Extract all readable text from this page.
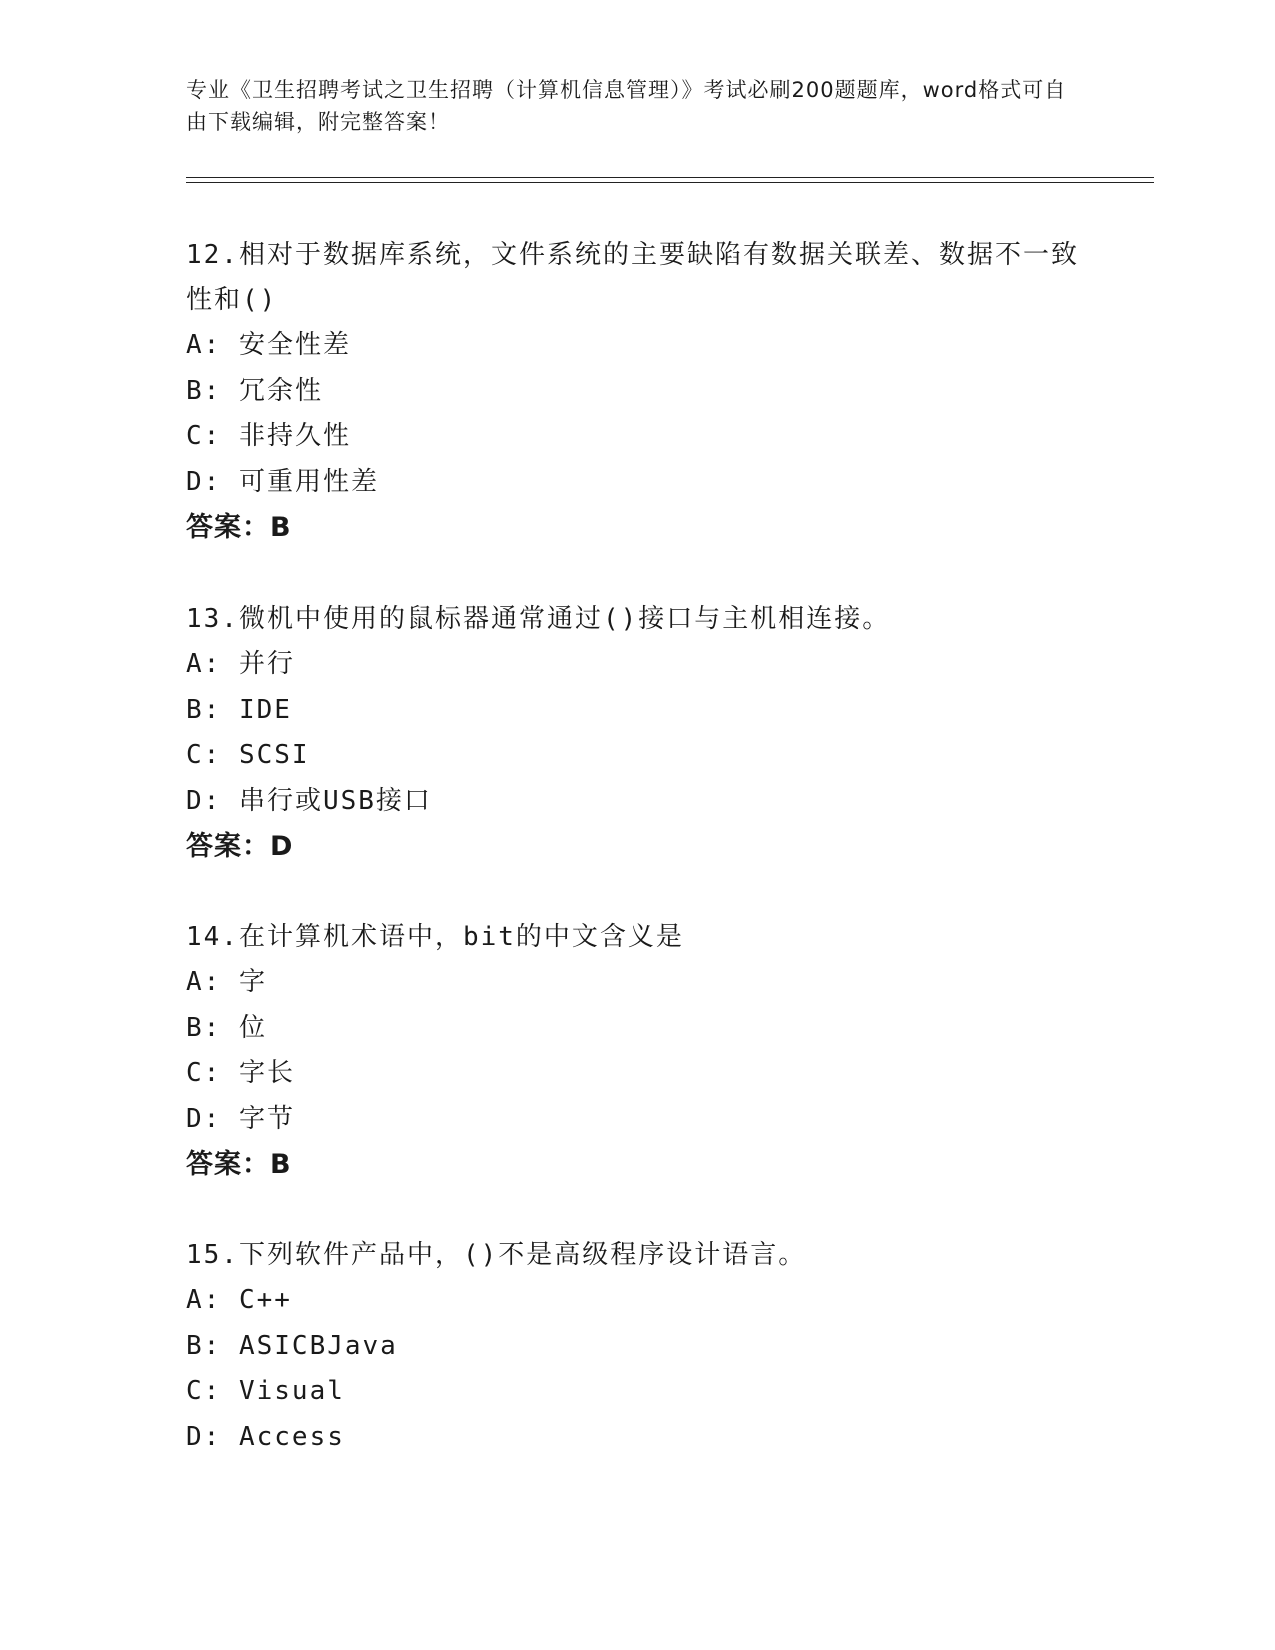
专业《卫生招聘考试之卫生招聘（计算机信息管理）》考试必刷200题题库，word格式可自由下载编辑，附完整答案！
12.相对于数据库系统，文件系统的主要缺陷有数据关联差、数据不一致性和()
A: 安全性差
B: 冗余性
C: 非持久性
D: 可重用性差
答案：B
13.微机中使用的鼠标器通常通过()接口与主机相连接。
A: 并行
B: IDE
C: SCSI
D: 串行或USB接口
答案：D
14.在计算机术语中，bit的中文含义是
A: 字
B: 位
C: 字长
D: 字节
答案：B
15.下列软件产品中，()不是高级程序设计语言。
A: C++
B: ASICBJava
C: Visual
D: Access
